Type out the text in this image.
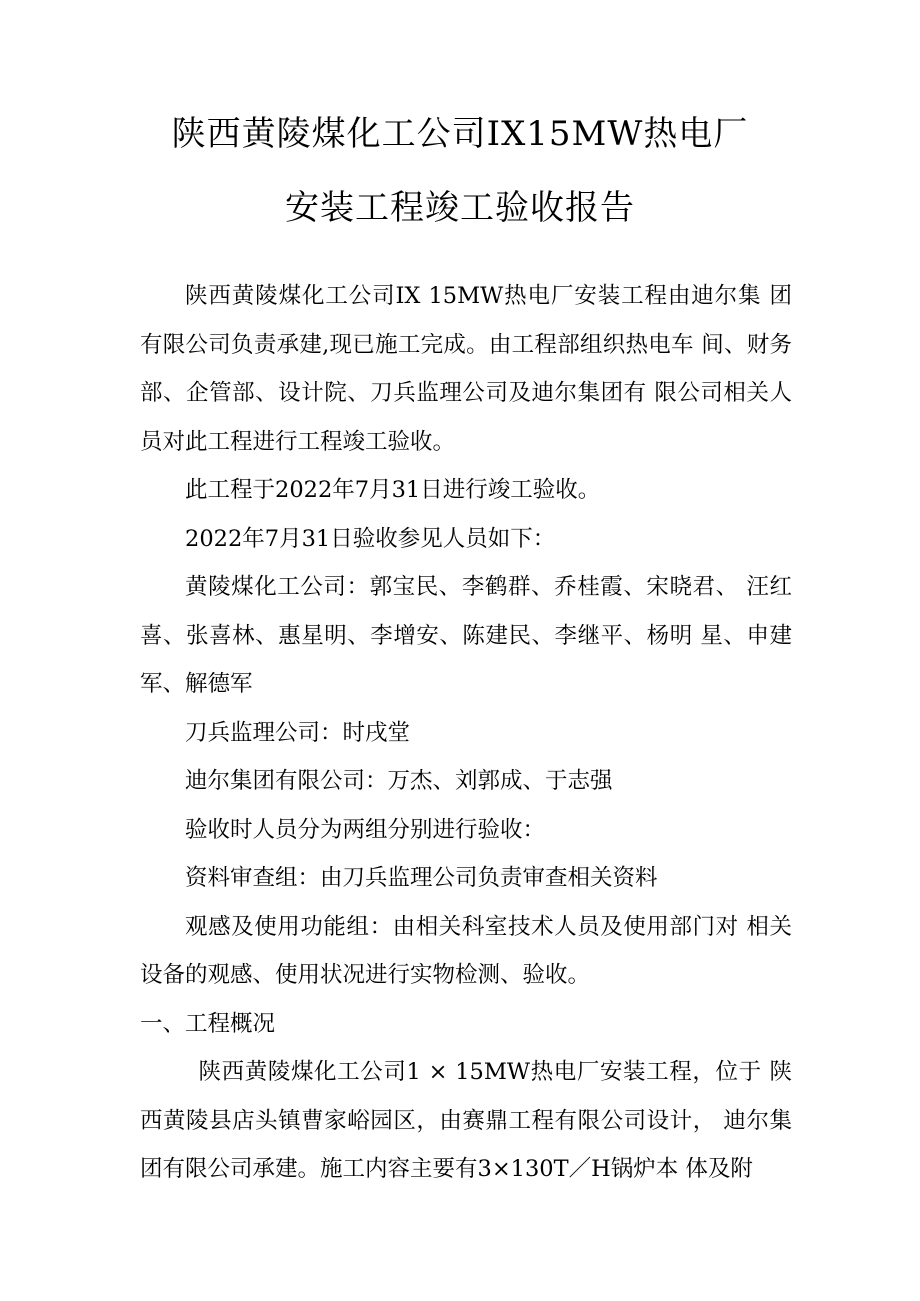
陕西黄陵煤化工公司IX15MW热电厂
安装工程竣工验收报告

陕西黄陵煤化工公司IX 15MW热电厂安装工程由迪尔集 团有限公司负责承建,现已施工完成。由工程部组织热电车 间、财务部、企管部、设计院、刀兵监理公司及迪尔集团有 限公司相关人员对此工程进行工程竣工验收。

此工程于2022年7月31日进行竣工验收。

2022年7月31日验收参见人员如下：

黄陵煤化工公司：郭宝民、李鹤群、乔桂霞、宋晓君、 汪红喜、张喜林、惠星明、李增安、陈建民、李继平、杨明 星、申建军、解德军

刀兵监理公司：时戌堂

迪尔集团有限公司：万杰、刘郭成、于志强

验收时人员分为两组分别进行验收：

资料审查组：由刀兵监理公司负责审查相关资料

观感及使用功能组：由相关科室技术人员及使用部门对 相关设备的观感、使用状况进行实物检测、验收。

一、工程概况

陕西黄陵煤化工公司1 × 15MW热电厂安装工程，位于 陕西黄陵县店头镇曹家峪园区，由赛鼎工程有限公司设计， 迪尔集团有限公司承建。施工内容主要有3×130T／H锅炉本 体及附
